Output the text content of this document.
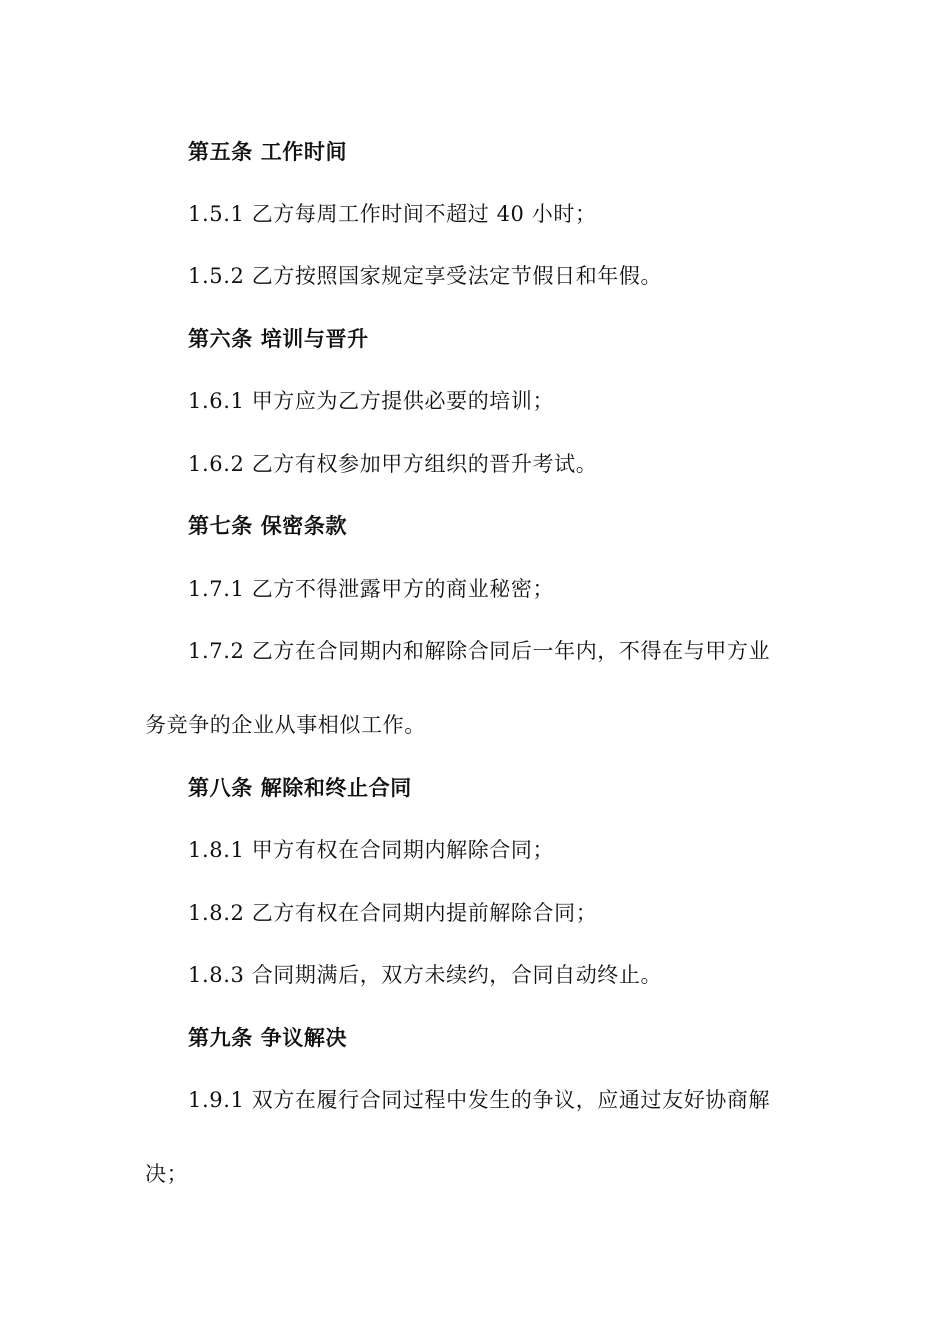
第五条 工作时间
1.5.1 乙方每周工作时间不超过 40 小时；
1.5.2 乙方按照国家规定享受法定节假日和年假。
第六条 培训与晋升
1.6.1 甲方应为乙方提供必要的培训；
1.6.2 乙方有权参加甲方组织的晋升考试。
第七条 保密条款
1.7.1 乙方不得泄露甲方的商业秘密；
1.7.2 乙方在合同期内和解除合同后一年内，不得在与甲方业
务竞争的企业从事相似工作。
第八条 解除和终止合同
1.8.1 甲方有权在合同期内解除合同；
1.8.2 乙方有权在合同期内提前解除合同；
1.8.3 合同期满后，双方未续约，合同自动终止。
第九条 争议解决
1.9.1 双方在履行合同过程中发生的争议，应通过友好协商解
决；
